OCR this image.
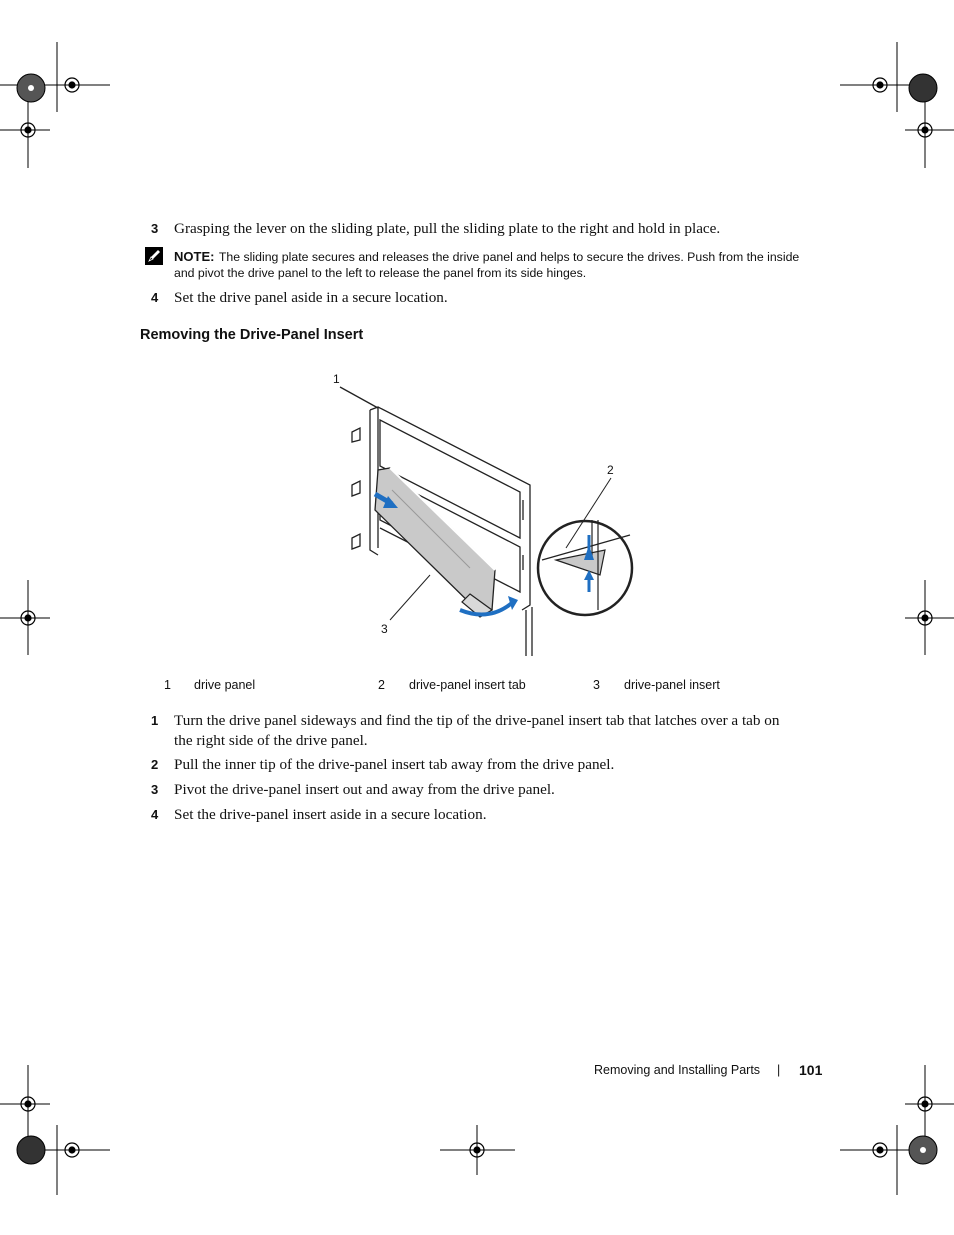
3 Grasping the lever on the sliding plate, pull the sliding plate to the right and hold in place.
NOTE: The sliding plate secures and releases the drive panel and helps to secure the drives. Push from the inside
and pivot the drive panel to the left to release the panel from its side hinges.
4 Set the drive panel aside in a secure location.
Removing the Drive-Panel Insert
1
2
3
1 drive panel	2 drive-panel insert tab	3 drive-panel insert
1 Turn the drive panel sideways and find the tip of the drive-panel insert tab that latches over a tab on
the right side of the drive panel.
2 Pull the inner tip of the drive-panel insert tab away from the drive panel.
3 Pivot the drive-panel insert out and away from the drive panel.
4 Set the drive-panel insert aside in a secure location.
Removing and Installing Parts | 101
